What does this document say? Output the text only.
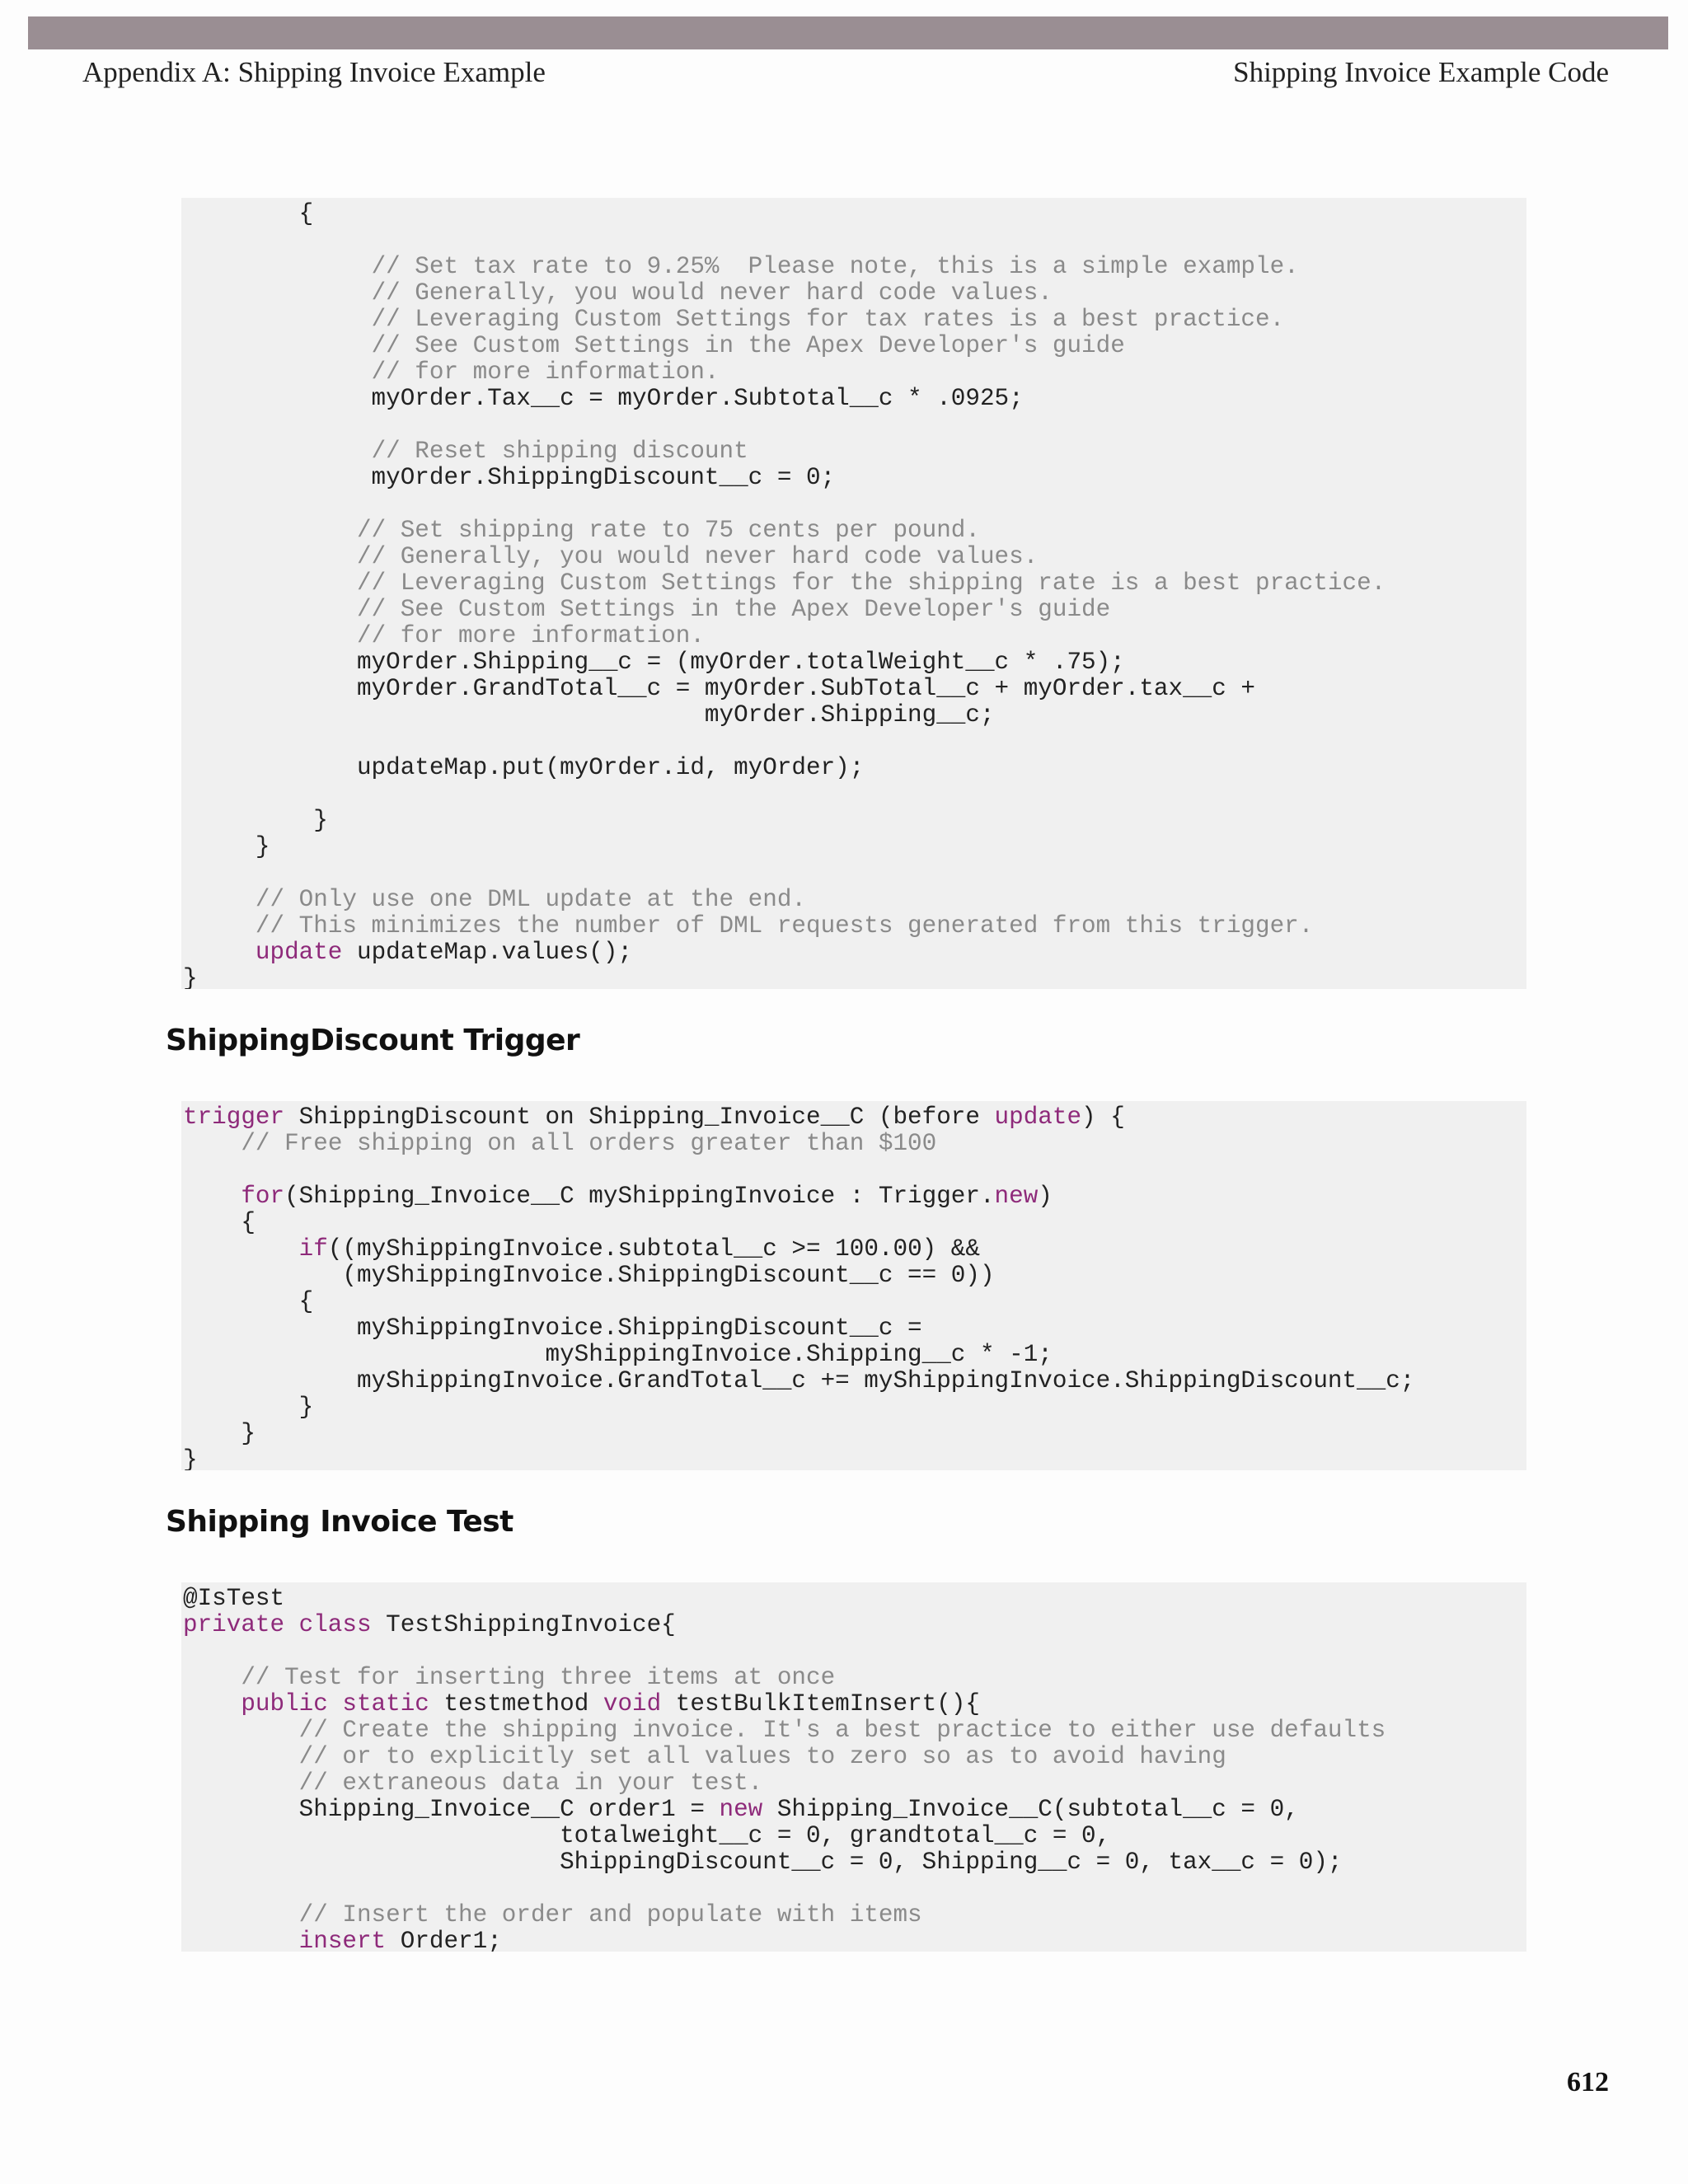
Appendix A: Shipping Invoice Example	Shipping Invoice Example Code
{
// Set tax rate to 9.25%  Please note, this is a simple example.
// Generally, you would never hard code values.
// Leveraging Custom Settings for tax rates is a best practice.
// See Custom Settings in the Apex Developer's guide
// for more information.
myOrder.Tax__c = myOrder.Subtotal__c * .0925;
// Reset shipping discount
myOrder.ShippingDiscount__c = 0;
// Set shipping rate to 75 cents per pound.
// Generally, you would never hard code values.
// Leveraging Custom Settings for the shipping rate is a best practice.
// See Custom Settings in the Apex Developer's guide
// for more information.
myOrder.Shipping__c = (myOrder.totalWeight__c * .75);
myOrder.GrandTotal__c = myOrder.SubTotal__c + myOrder.tax__c +
myOrder.Shipping__c;
updateMap.put(myOrder.id, myOrder);
}
}
// Only use one DML update at the end.
// This minimizes the number of DML requests generated from this trigger.
update updateMap.values();
}
ShippingDiscount Trigger
trigger ShippingDiscount on Shipping_Invoice__C (before update) {
// Free shipping on all orders greater than $100
for(Shipping_Invoice__C myShippingInvoice : Trigger.new)
{
if((myShippingInvoice.subtotal__c >= 100.00) &&
(myShippingInvoice.ShippingDiscount__c == 0))
{
myShippingInvoice.ShippingDiscount__c =
myShippingInvoice.Shipping__c * -1;
myShippingInvoice.GrandTotal__c += myShippingInvoice.ShippingDiscount__c;
}
}
}
Shipping Invoice Test
@IsTest
private class TestShippingInvoice{
// Test for inserting three items at once
public static testmethod void testBulkItemInsert(){
// Create the shipping invoice. It's a best practice to either use defaults
// or to explicitly set all values to zero so as to avoid having
// extraneous data in your test.
Shipping_Invoice__C order1 = new Shipping_Invoice__C(subtotal__c = 0,
totalweight__c = 0, grandtotal__c = 0,
ShippingDiscount__c = 0, Shipping__c = 0, tax__c = 0);
// Insert the order and populate with items
insert Order1;
612
